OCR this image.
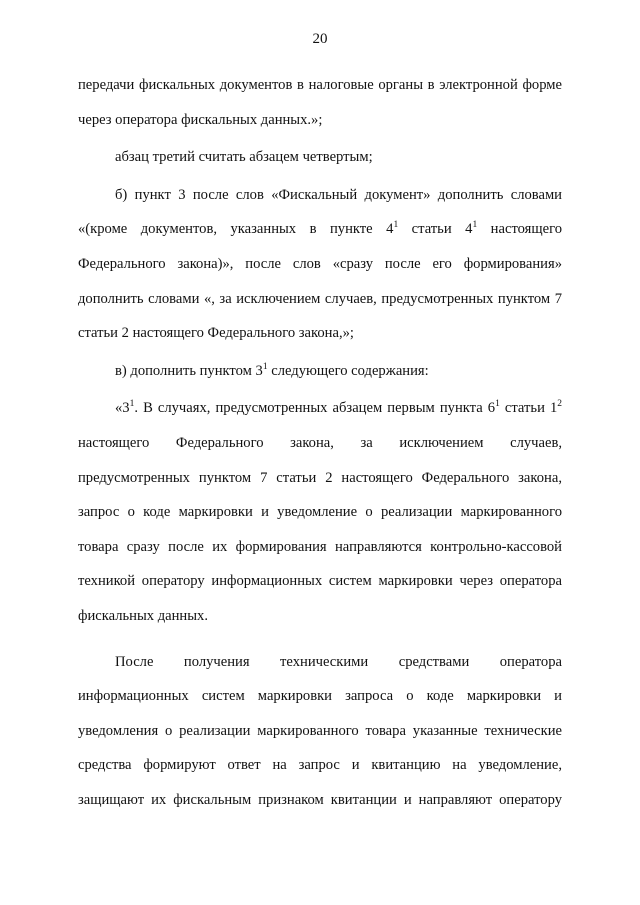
20

передачи фискальных документов в налоговые органы в электронной форме через оператора фискальных данных.»;

абзац третий считать абзацем четвертым;

б) пункт 3 после слов «Фискальный документ» дополнить словами «(кроме документов, указанных в пункте $4^1$ статьи $4^1$ настоящего Федерального закона)», после слов «сразу после его формирования» дополнить словами «, за исключением случаев, предусмотренных пунктом 7 статьи 2 настоящего Федерального закона,»;

в) дополнить пунктом $3^1$ следующего содержания:

«$3^1$. В случаях, предусмотренных абзацем первым пункта $6^1$ статьи $1^2$ настоящего Федерального закона, за исключением случаев, предусмотренных пунктом 7 статьи 2 настоящего Федерального закона, запрос о коде маркировки и уведомление о реализации маркированного товара сразу после их формирования направляются контрольно-кассовой техникой оператору информационных систем маркировки через оператора фискальных данных.

После получения техническими средствами оператора информационных систем маркировки запроса о коде маркировки и уведомления о реализации маркированного товара указанные технические средства формируют ответ на запрос и квитанцию на уведомление, защищают их фискальным признаком квитанции и направляют оператору
